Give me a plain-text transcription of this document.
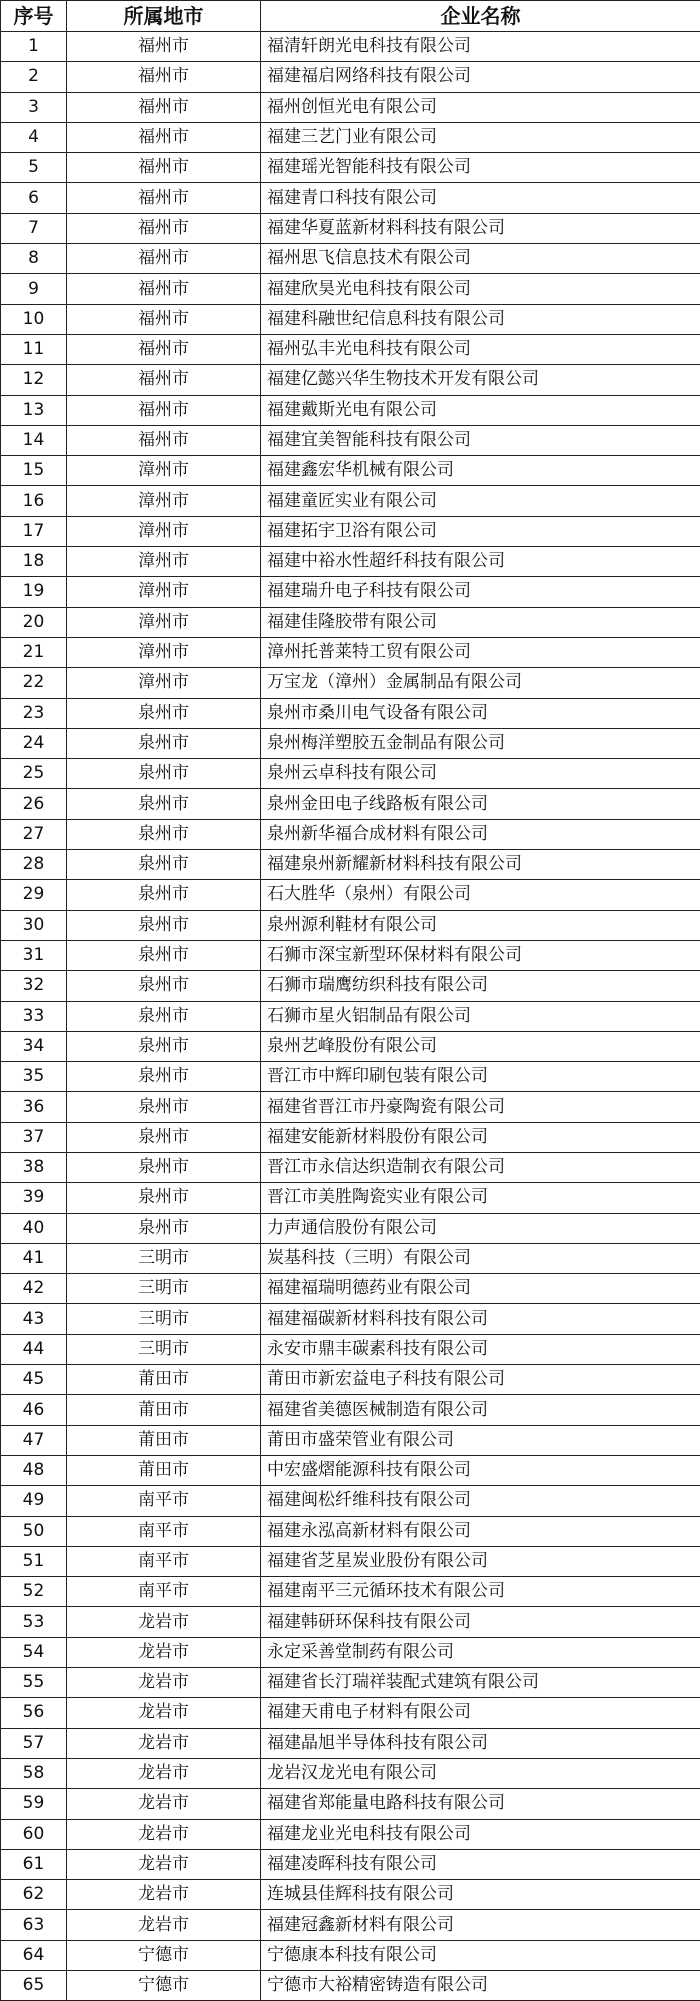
序号	所属地市	企业名称
1	福州市	福清轩朗光电科技有限公司
2	福州市	福建福启网络科技有限公司
3	福州市	福州创恒光电有限公司
4	福州市	福建三艺门业有限公司
5	福州市	福建瑶光智能科技有限公司
6	福州市	福建青口科技有限公司
7	福州市	福建华夏蓝新材料科技有限公司
8	福州市	福州思飞信息技术有限公司
9	福州市	福建欣昊光电科技有限公司
10	福州市	福建科融世纪信息科技有限公司
11	福州市	福州弘丰光电科技有限公司
12	福州市	福建亿懿兴华生物技术开发有限公司
13	福州市	福建戴斯光电有限公司
14	福州市	福建宜美智能科技有限公司
15	漳州市	福建鑫宏华机械有限公司
16	漳州市	福建童匠实业有限公司
17	漳州市	福建拓宇卫浴有限公司
18	漳州市	福建中裕水性超纤科技有限公司
19	漳州市	福建瑞升电子科技有限公司
20	漳州市	福建佳隆胶带有限公司
21	漳州市	漳州托普莱特工贸有限公司
22	漳州市	万宝龙（漳州）金属制品有限公司
23	泉州市	泉州市桑川电气设备有限公司
24	泉州市	泉州梅洋塑胶五金制品有限公司
25	泉州市	泉州云卓科技有限公司
26	泉州市	泉州金田电子线路板有限公司
27	泉州市	泉州新华福合成材料有限公司
28	泉州市	福建泉州新耀新材料科技有限公司
29	泉州市	石大胜华（泉州）有限公司
30	泉州市	泉州源利鞋材有限公司
31	泉州市	石狮市深宝新型环保材料有限公司
32	泉州市	石狮市瑞鹰纺织科技有限公司
33	泉州市	石狮市星火铝制品有限公司
34	泉州市	泉州艺峰股份有限公司
35	泉州市	晋江市中辉印刷包装有限公司
36	泉州市	福建省晋江市丹豪陶瓷有限公司
37	泉州市	福建安能新材料股份有限公司
38	泉州市	晋江市永信达织造制衣有限公司
39	泉州市	晋江市美胜陶瓷实业有限公司
40	泉州市	力声通信股份有限公司
41	三明市	炭基科技（三明）有限公司
42	三明市	福建福瑞明德药业有限公司
43	三明市	福建福碳新材料科技有限公司
44	三明市	永安市鼎丰碳素科技有限公司
45	莆田市	莆田市新宏益电子科技有限公司
46	莆田市	福建省美德医械制造有限公司
47	莆田市	莆田市盛荣管业有限公司
48	莆田市	中宏盛熠能源科技有限公司
49	南平市	福建闽松纤维科技有限公司
50	南平市	福建永泓高新材料有限公司
51	南平市	福建省芝星炭业股份有限公司
52	南平市	福建南平三元循环技术有限公司
53	龙岩市	福建韩研环保科技有限公司
54	龙岩市	永定采善堂制药有限公司
55	龙岩市	福建省长汀瑞祥装配式建筑有限公司
56	龙岩市	福建天甫电子材料有限公司
57	龙岩市	福建晶旭半导体科技有限公司
58	龙岩市	龙岩汉龙光电有限公司
59	龙岩市	福建省郑能量电路科技有限公司
60	龙岩市	福建龙业光电科技有限公司
61	龙岩市	福建凌晖科技有限公司
62	龙岩市	连城县佳辉科技有限公司
63	龙岩市	福建冠鑫新材料有限公司
64	宁德市	宁德康本科技有限公司
65	宁德市	宁德市大裕精密铸造有限公司
